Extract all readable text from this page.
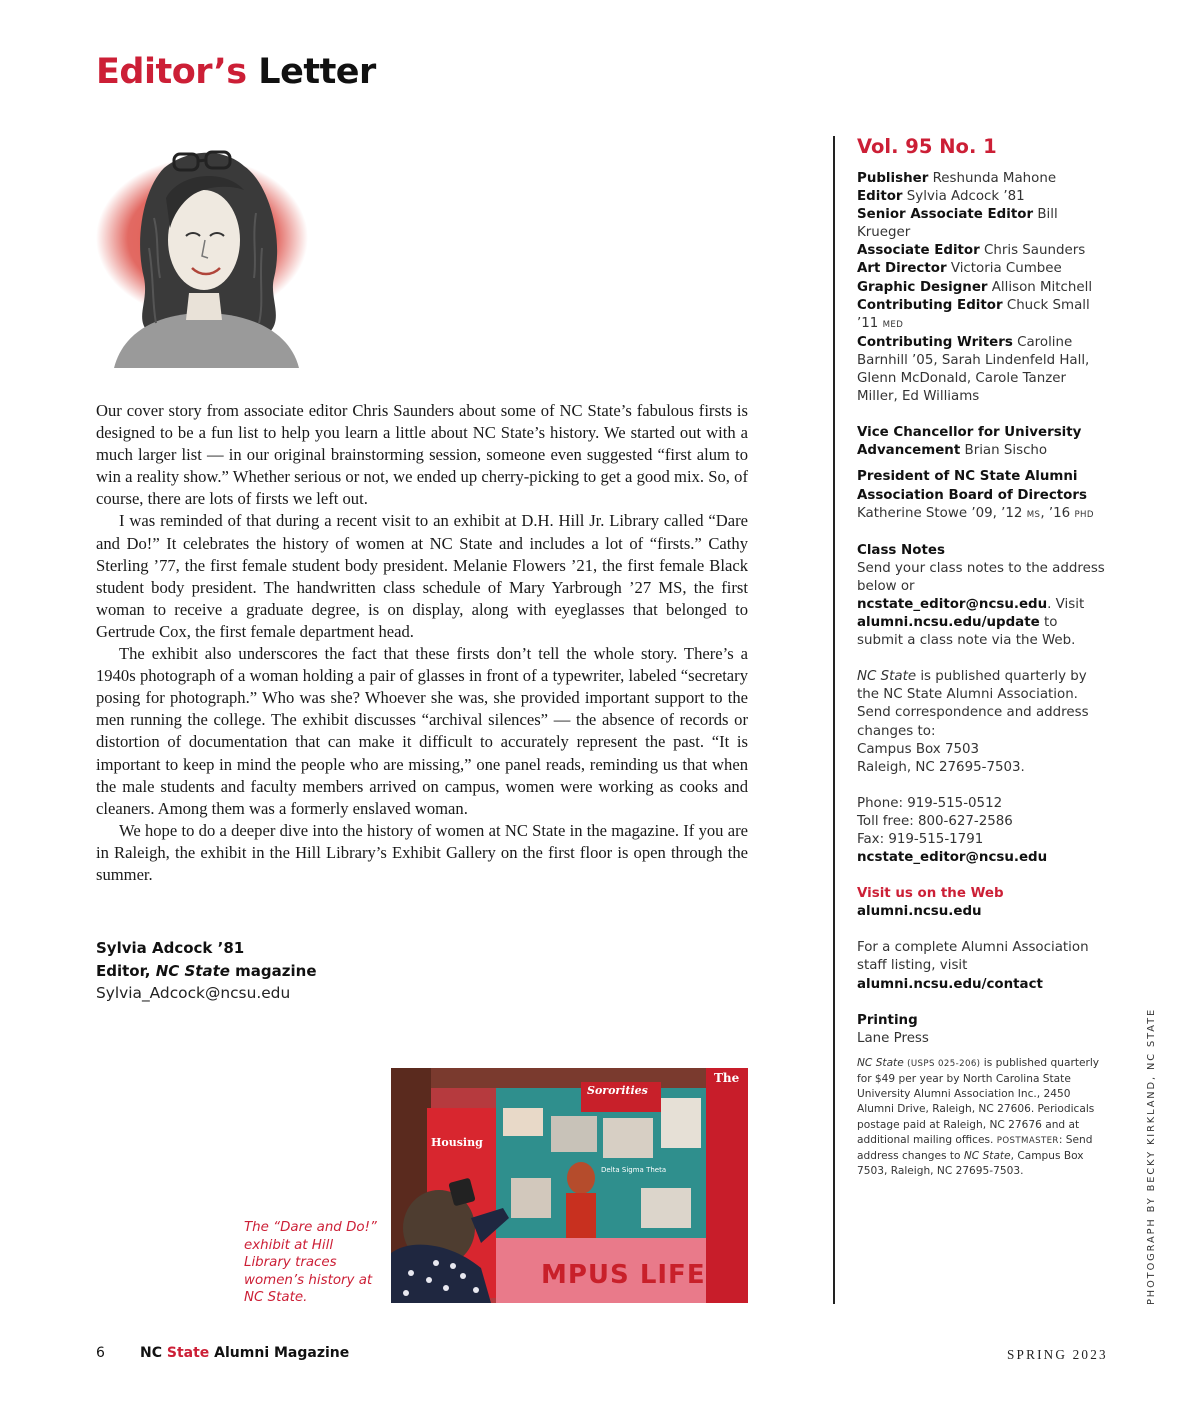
Editor’s Letter

Our cover story from associate editor Chris Saunders about some of NC State’s fabulous firsts is designed to be a fun list to help you learn a little about NC State’s history. We started out with a much larger list — in our original brainstorming session, someone even suggested “first alum to win a reality show.” Whether serious or not, we ended up cherry-picking to get a good mix. So, of course, there are lots of firsts we left out.

I was reminded of that during a recent visit to an exhibit at D.H. Hill Jr. Library called “Dare and Do!” It celebrates the history of women at NC State and includes a lot of “firsts.” Cathy Sterling ’77, the first female student body president. Melanie Flowers ’21, the first female Black student body president. The handwritten class schedule of Mary Yarbrough ’27 MS, the first woman to receive a graduate degree, is on display, along with eyeglasses that belonged to Gertrude Cox, the first female department head.

The exhibit also underscores the fact that these firsts don’t tell the whole story. There’s a 1940s photograph of a woman holding a pair of glasses in front of a typewriter, labeled “secretary posing for photograph.” Who was she? Whoever she was, she provided important support to the men running the college. The exhibit discusses “archival silences” — the absence of records or distortion of documentation that can make it difficult to accurately represent the past. “It is important to keep in mind the people who are missing,” one panel reads, reminding us that when the male students and faculty members arrived on campus, women were working as cooks and cleaners. Among them was a formerly enslaved woman.

We hope to do a deeper dive into the history of women at NC State in the magazine. If you are in Raleigh, the exhibit in the Hill Library’s Exhibit Gallery on the first floor is open through the summer.

Sylvia Adcock ’81
Editor, NC State magazine
Sylvia_Adcock@ncsu.edu
The “Dare and Do!” exhibit at Hill Library traces women’s history at NC State.
Sororities
Housing
MPUS LIFE
Delta Sigma Theta
The
Vol. 95 No. 1
Publisher Reshunda Mahone
Editor Sylvia Adcock ’81
Senior Associate Editor Bill Krueger
Associate Editor Chris Saunders
Art Director Victoria Cumbee
Graphic Designer Allison Mitchell
Contributing Editor Chuck Small ’11 MED
Contributing Writers Caroline Barnhill ’05, Sarah Lindenfeld Hall, Glenn McDonald, Carole Tanzer Miller, Ed Williams
Vice Chancellor for University Advancement Brian Sischo
President of NC State Alumni Association Board of Directors
Katherine Stowe ’09, ’12 MS, ’16 PHD
Class Notes
Send your class notes to the address below or ncstate_editor@ncsu.edu. Visit alumni.ncsu.edu/update to submit a class note via the Web.
NC State is published quarterly by the NC State Alumni Association. Send correspondence and address changes to:
Campus Box 7503
Raleigh, NC 27695-7503.
Phone: 919-515-0512
Toll free: 800-627-2586
Fax: 919-515-1791
ncstate_editor@ncsu.edu
Visit us on the Web
alumni.ncsu.edu
For a complete Alumni Association staff listing, visit alumni.ncsu.edu/contact
Printing
Lane Press
NC State (USPS 025-206) is published quarterly for $49 per year by North Carolina State University Alumni Association Inc., 2450 Alumni Drive, Raleigh, NC 27606. Periodicals postage paid at Raleigh, NC 27676 and at additional mailing offices. POSTMASTER: Send address changes to NC State, Campus Box 7503, Raleigh, NC 27695-7503.	PHOTOGRAPH BY BECKY KIRKLAND, NC STATE
6	NC State Alumni Magazine	SPRING 2023
